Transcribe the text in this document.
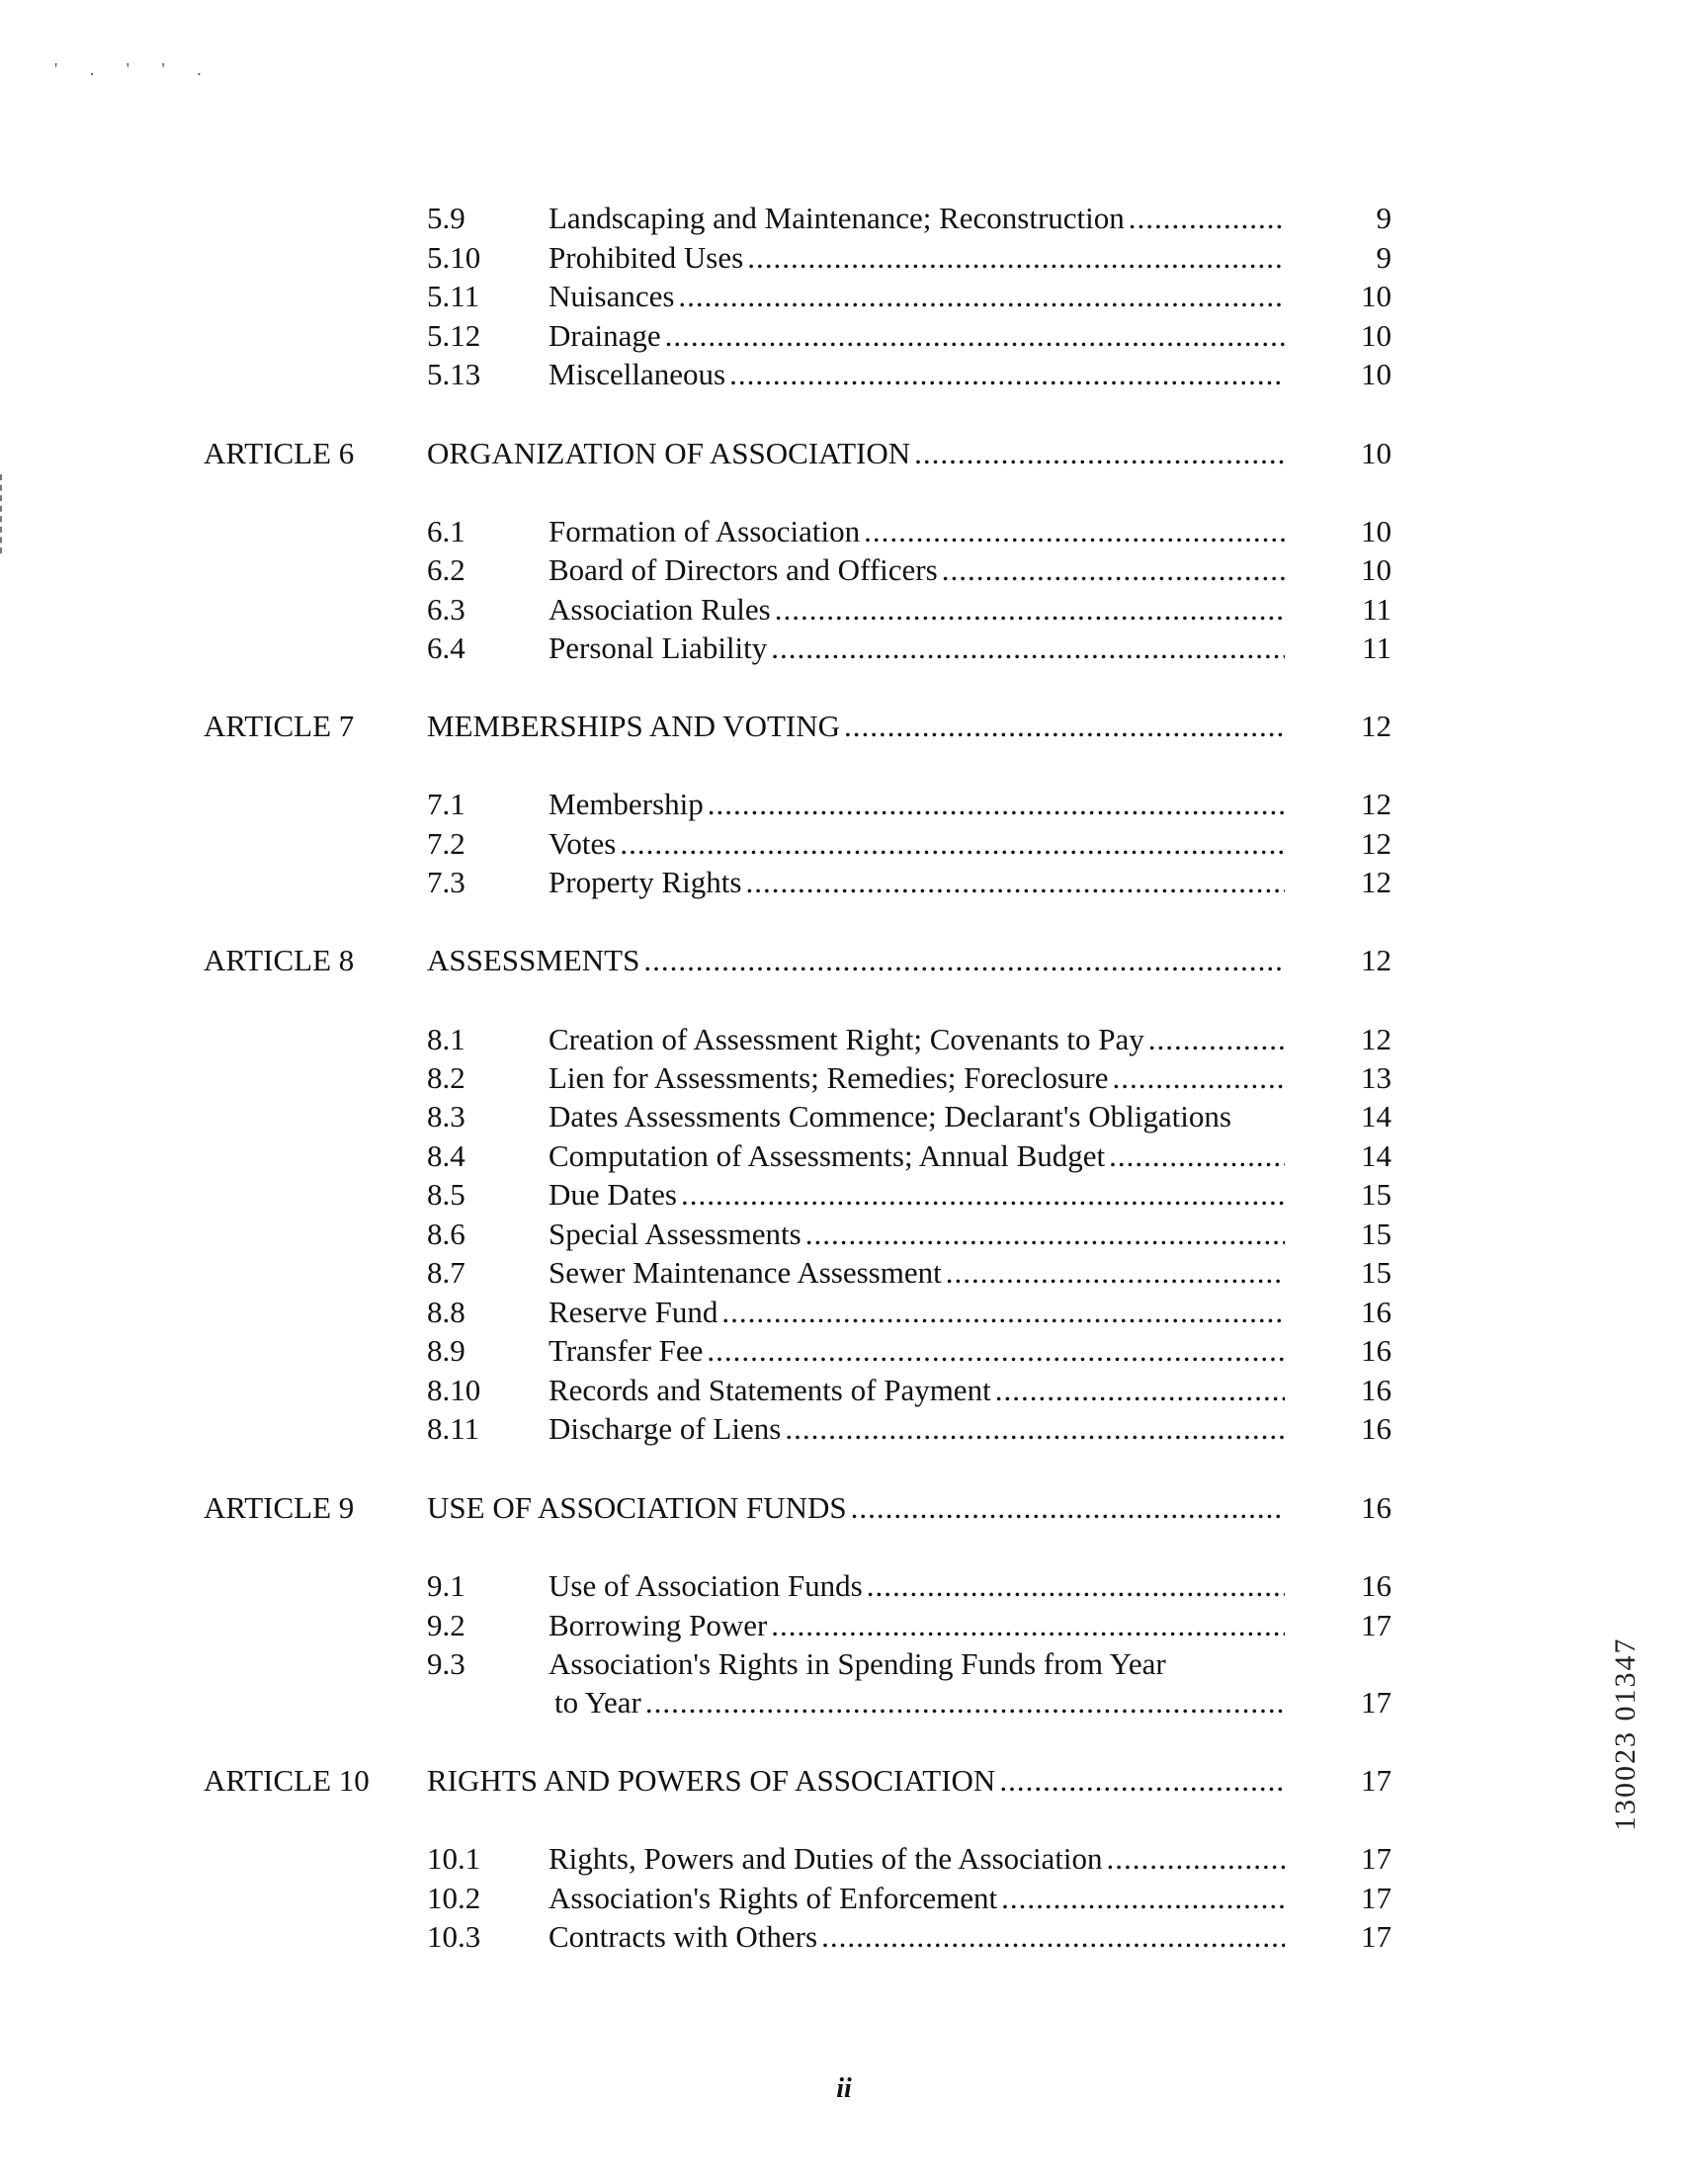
' . ' ' .
5.9	Landscaping and Maintenance; Reconstruction .....	9
5.10 Prohibited Uses .....	9
5.11 Nuisances .....	10
5.12 Drainage .....	10
5.13 Miscellaneous .....	10
ARTICLE 6 ORGANIZATION OF ASSOCIATION .....	10
6.1	Formation of Association .....	10
6.2	Board of Directors and Officers .....	10
6.3	Association Rules .....	11
6.4	Personal Liability .....	11
ARTICLE 7 MEMBERSHIPS AND VOTING .....	12
7.1	Membership .....	12
7.2	Votes .....	12
7.3	Property Rights .....	12
ARTICLE 8 ASSESSMENTS .....	12
8.1	Creation of Assessment Right; Covenants to Pay .....	12
8.2	Lien for Assessments; Remedies; Foreclosure .....	13
8.3	Dates Assessments Commence; Declarant's Obligations	14
8.4	Computation of Assessments; Annual Budget .....	14
8.5	Due Dates .....	15
8.6	Special Assessments .....	15
8.7	Sewer Maintenance Assessment .....	15
8.8	Reserve Fund .....	16
8.9	Transfer Fee .....	16
8.10 Records and Statements of Payment .....	16
8.11 Discharge of Liens .....	16
ARTICLE 9 USE OF ASSOCIATION FUNDS .....	16
9.1	Use of Association Funds .....	16
9.2	Borrowing Power .....	17
9.3	Association's Rights in Spending Funds from Year
to Year .....	17
ARTICLE 10 RIGHTS AND POWERS OF ASSOCIATION .....	17
10.1 Rights, Powers and Duties of the Association .....	17
10.2 Association's Rights of Enforcement .....	17
10.3 Contracts with Others .....	17
130023 01347
ii
